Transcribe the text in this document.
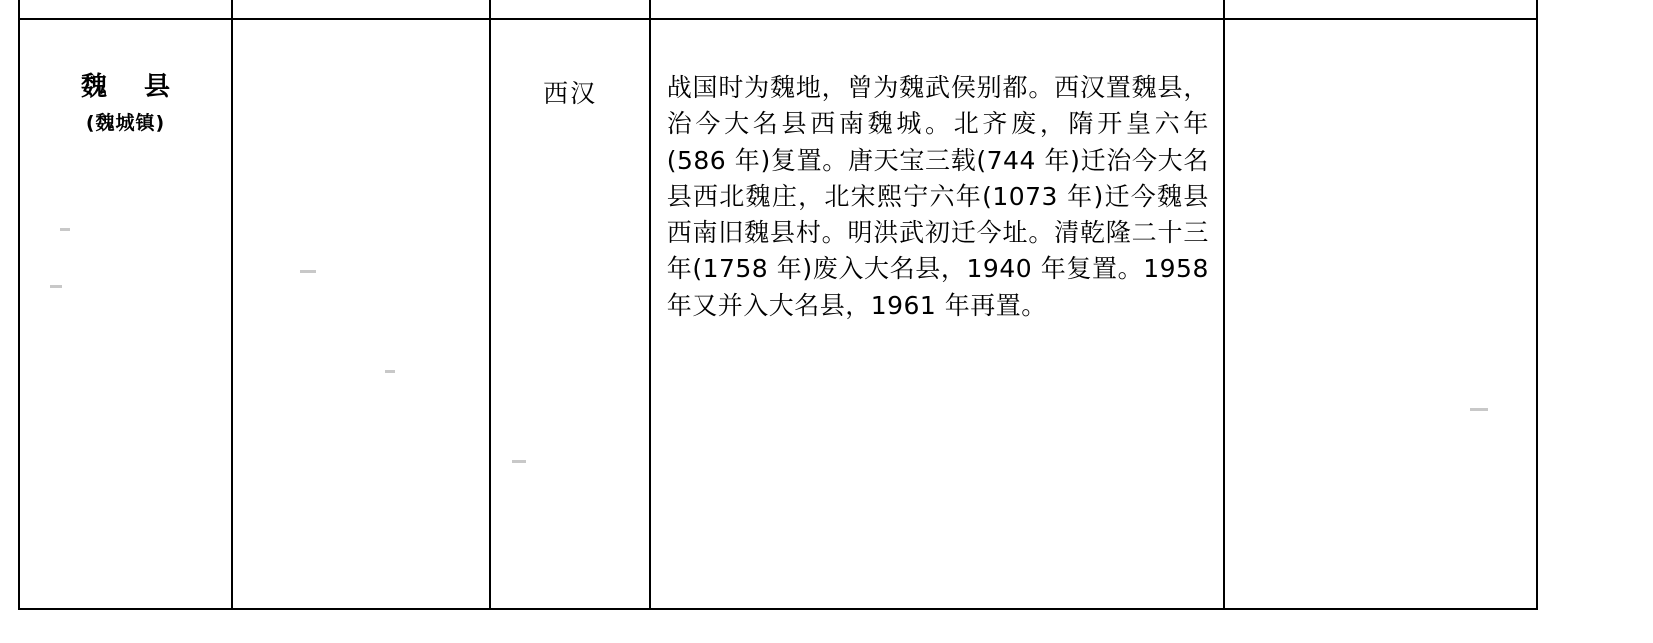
魏 县
(魏城镇)		西汉	战国时为魏地，曾为魏武侯别都。西汉置魏县，治今大名县西南魏城。北齐废，隋开皇六年 (586 年)复置。唐天宝三载(744 年)迁治今大名县西北魏庄，北宋熙宁六年(1073 年)迁今魏县西南旧魏县村。明洪武初迁今址。清乾隆二十三年(1758 年)废入大名县，1940 年复置。1958 年又并入大名县，1961 年再置。	
